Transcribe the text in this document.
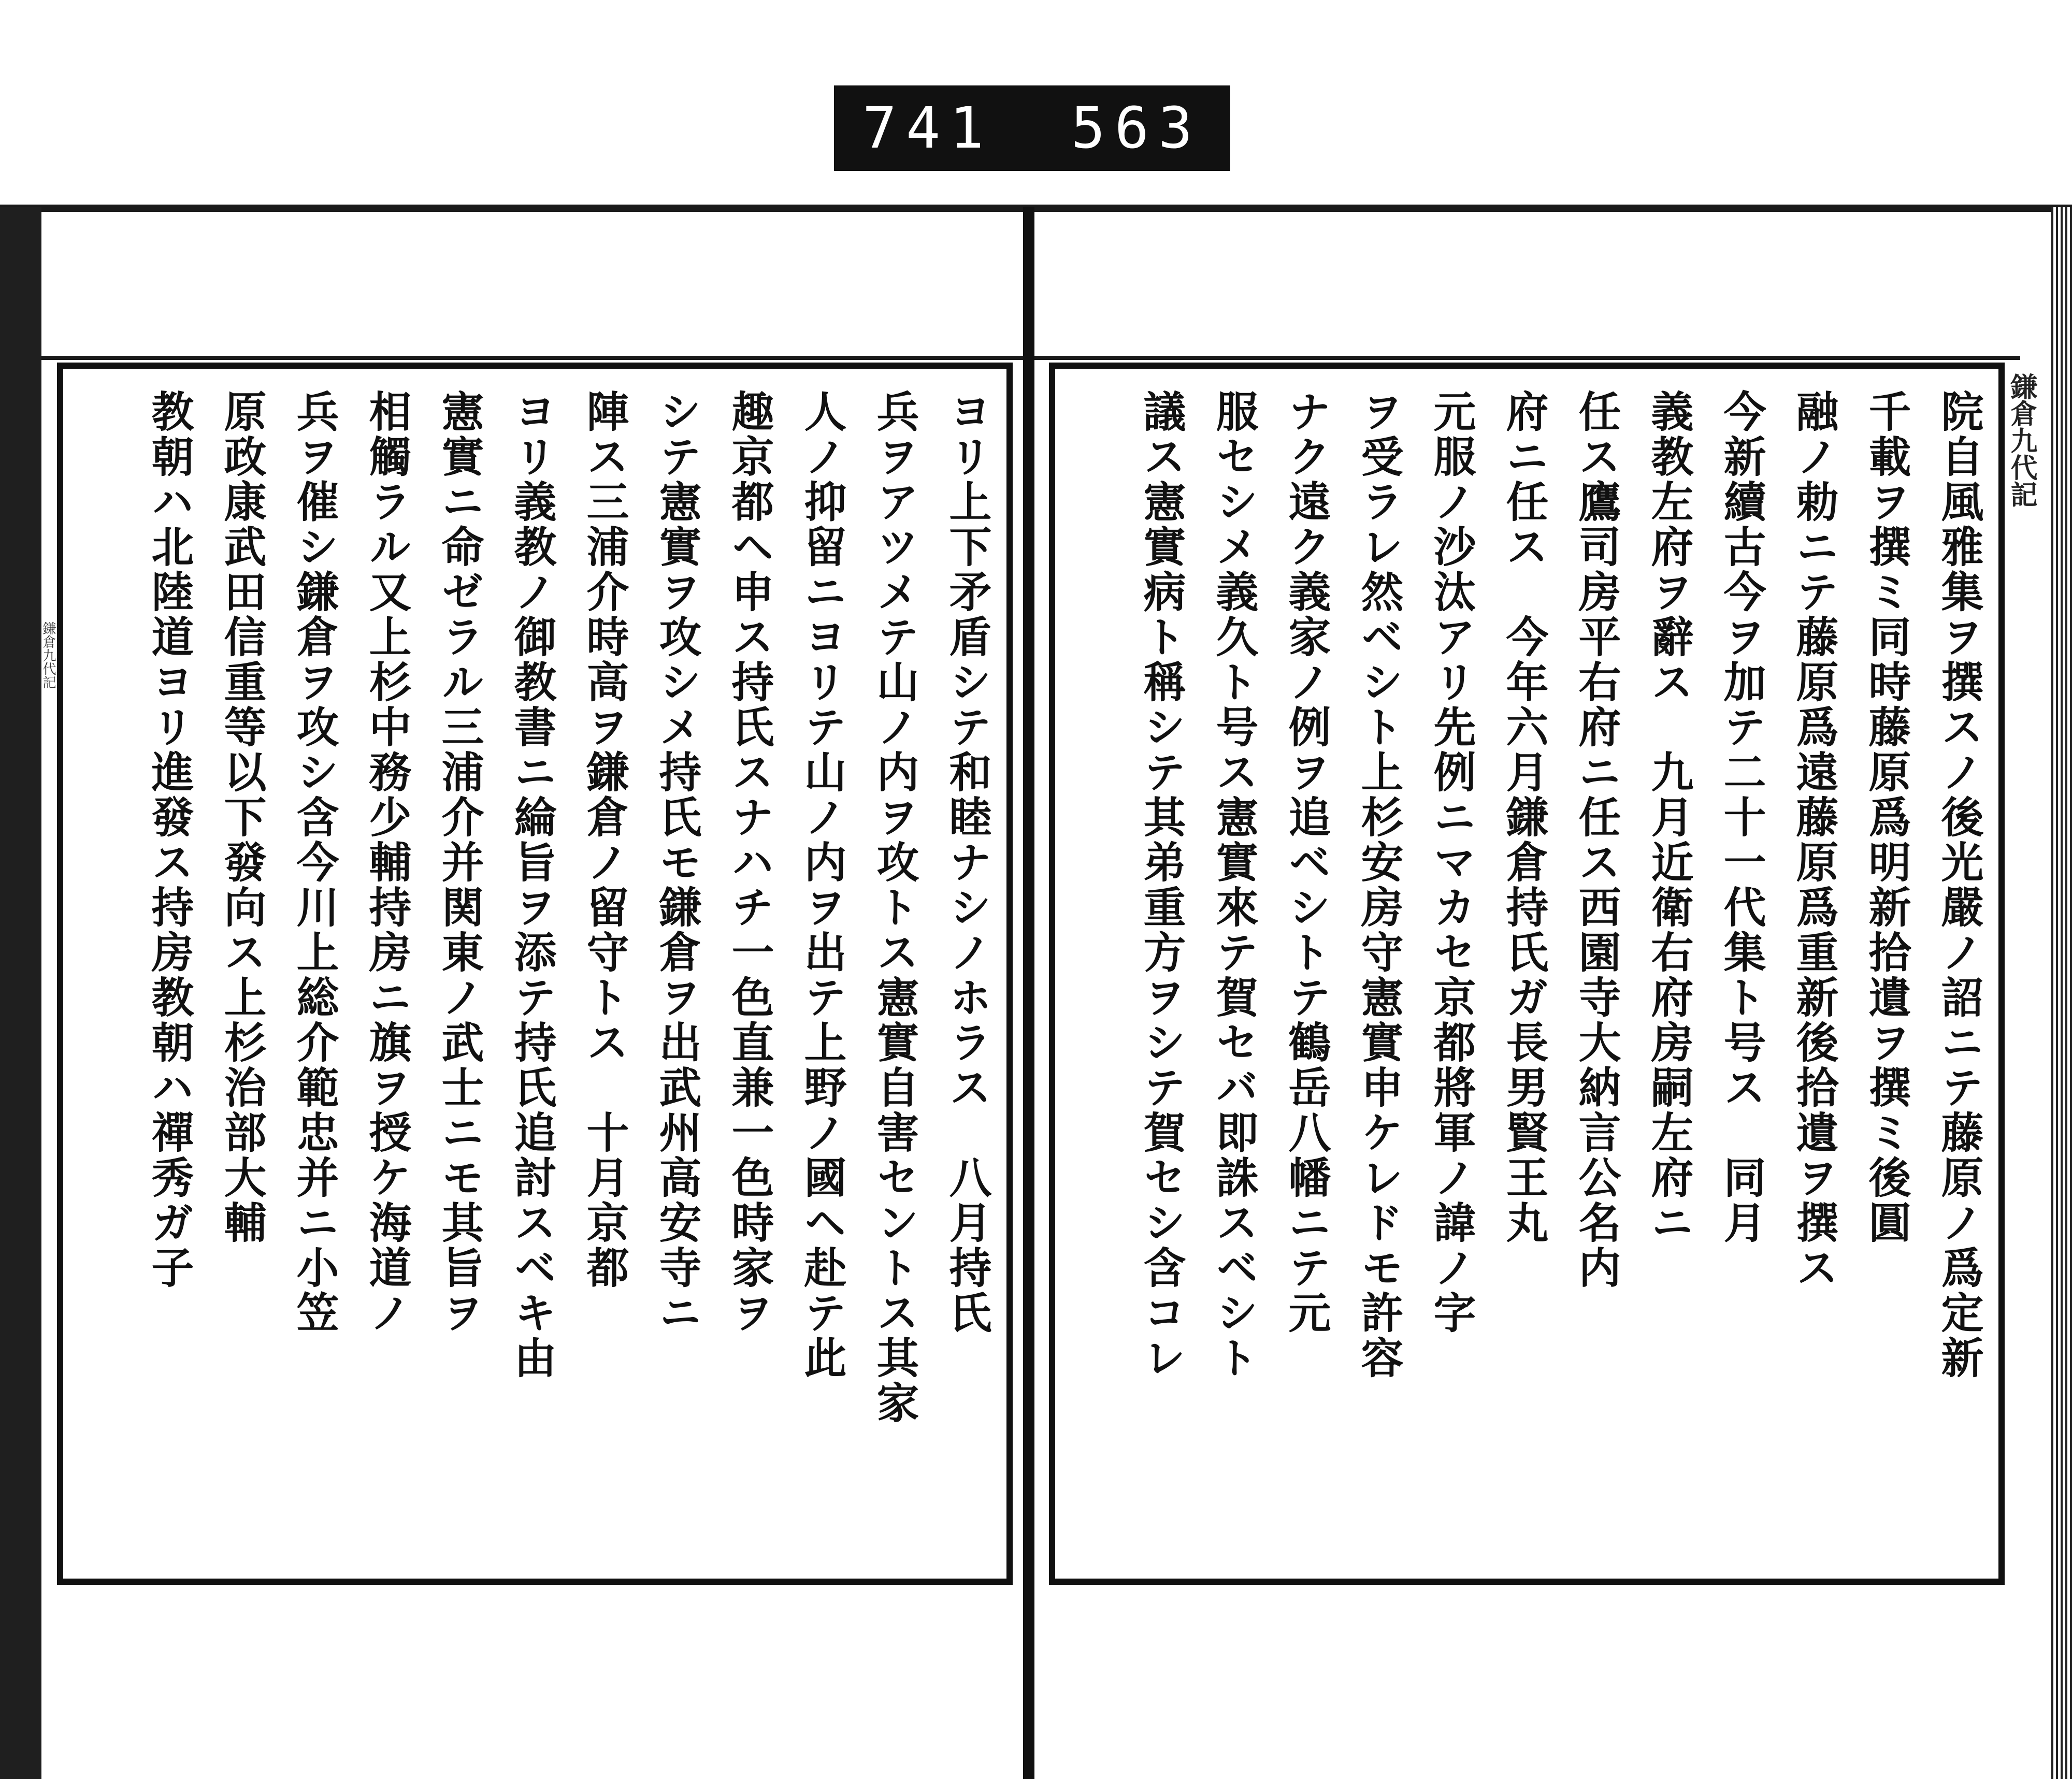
741 563
鎌倉九代記
鎌倉九代記
ヨリ上下矛盾シテ和睦ナシノホラス　八月持氏
兵ヲアツメテ山ノ内ヲ攻トス憲實自害セントス其家
人ノ抑留ニヨリテ山ノ内ヲ出テ上野ノ國ヘ赴テ此
趣京都ヘ申ス持氏スナハチ一色直兼一色時家ヲ
シテ憲實ヲ攻シメ持氏モ鎌倉ヲ出武州高安寺ニ
陣ス三浦介時高ヲ鎌倉ノ留守トス　十月京都
ヨリ義教ノ御教書ニ綸旨ヲ添テ持氏追討スベキ由
憲實ニ命ゼラル三浦介并関東ノ武士ニモ其旨ヲ
相觸ラル又上杉中務少輔持房ニ旗ヲ授ケ海道ノ
兵ヲ催シ鎌倉ヲ攻シ含今川上総介範忠并ニ小笠
原政康武田信重等以下發向ス上杉治部大輔
教朝ハ北陸道ヨリ進發ス持房教朝ハ禪秀ガ子	院自風雅集ヲ撰スノ後光嚴ノ詔ニテ藤原ノ爲定新
千載ヲ撰ミ同時藤原爲明新拾遺ヲ撰ミ後圓
融ノ勅ニテ藤原爲遠藤原爲重新後拾遺ヲ撰ス
今新續古今ヲ加テ二十一代集ト号ス　同月
義教左府ヲ辭ス　九月近衛右府房嗣左府ニ
任ス鷹司房平右府ニ任ス西園寺大納言公名内
府ニ任ス　今年六月鎌倉持氏ガ長男賢王丸
元服ノ沙汰アリ先例ニマカセ京都將軍ノ諱ノ字
ヲ受ラレ然ベシト上杉安房守憲實申ケレドモ許容
ナク遠ク義家ノ例ヲ追ベシトテ鶴岳八幡ニテ元
服セシメ義久ト号ス憲實來テ賀セバ即誅スベシト
議ス憲實病ト稱シテ其弟重方ヲシテ賀セシ含コレ
